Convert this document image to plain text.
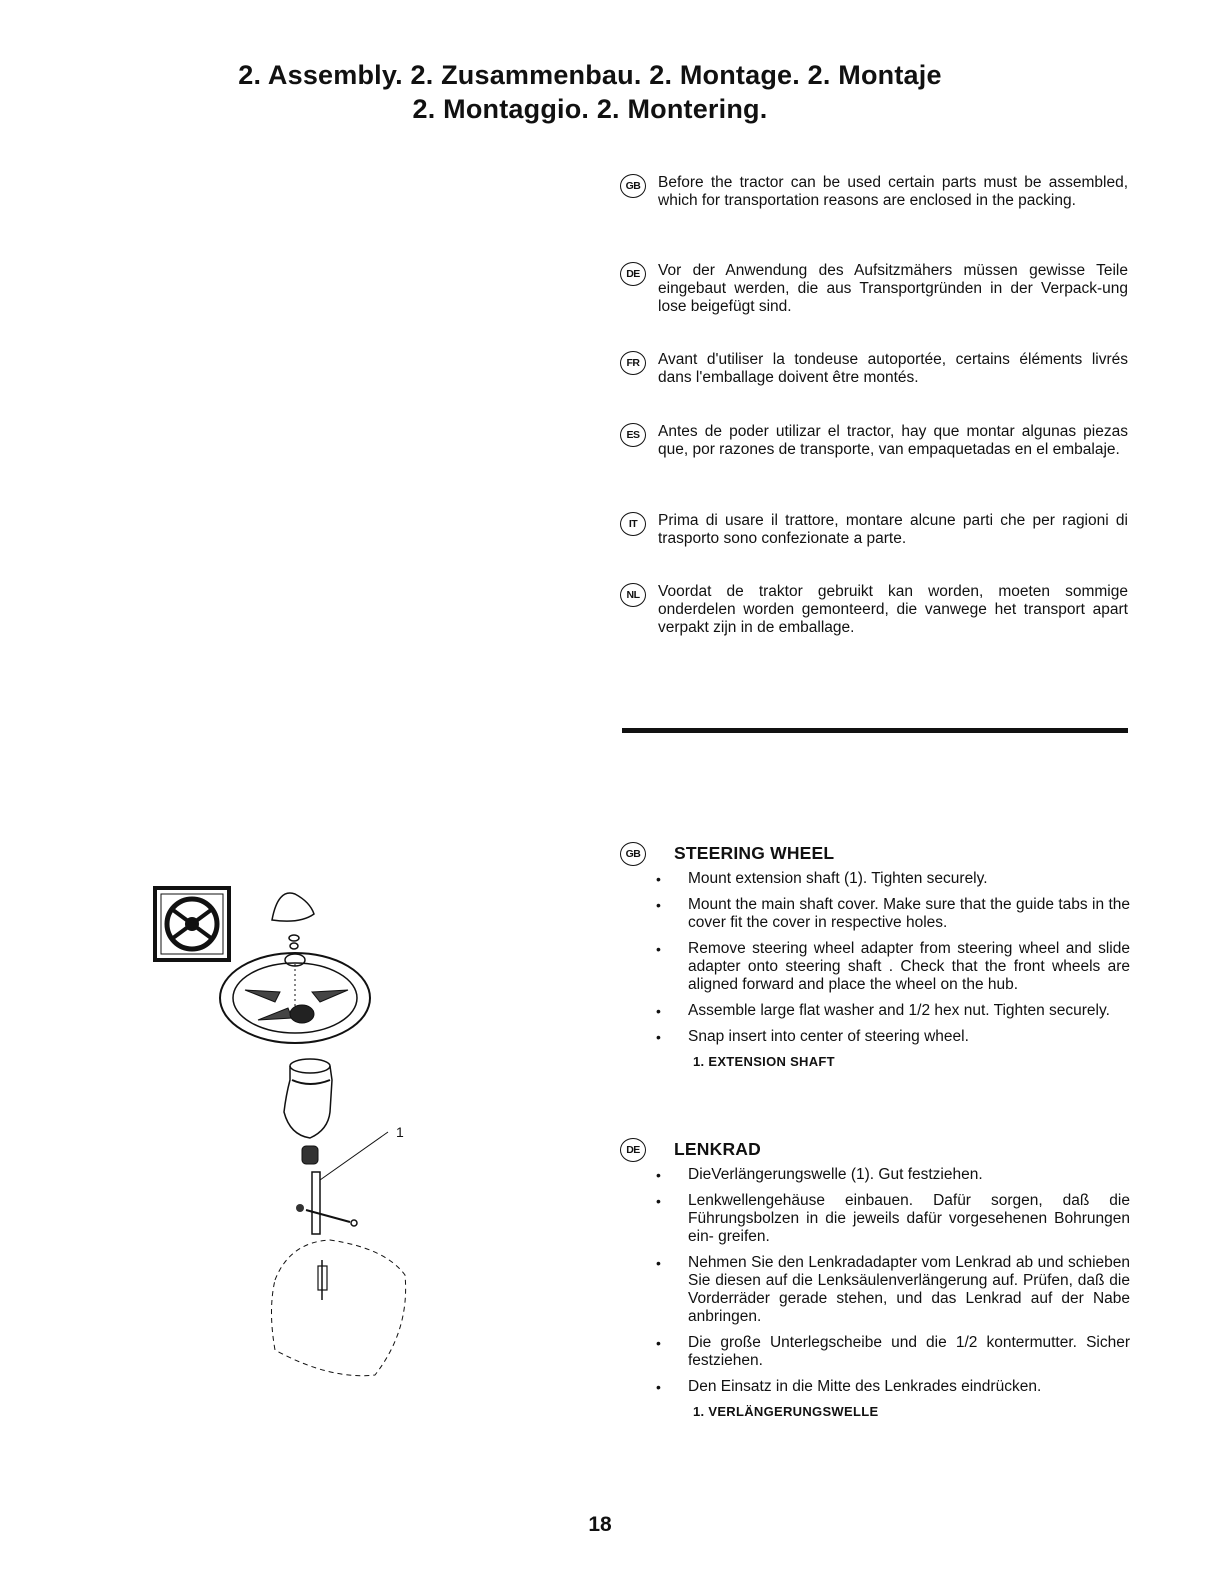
2. Assembly. 2. Zusammenbau. 2. Montage. 2. Montaje
2. Montaggio. 2. Montering.
GB	Before the tractor can be used certain parts must be assembled, which for transportation reasons are enclosed in the packing.
DE	Vor der Anwendung des Aufsitzmähers müssen gewisse Teile eingebaut werden, die aus Transportgründen in der Verpack-ung lose beigefügt sind.
FR	Avant d'utiliser la tondeuse autoportée, certains éléments livrés dans l'emballage doivent être montés.
ES	Antes de poder utilizar el tractor, hay que montar algunas piezas que, por razones de transporte, van empaquetadas en el embalaje.
IT	Prima di usare il trattore, montare alcune parti che per ragioni di trasporto sono confezionate a parte.
NL	Voordat de traktor gebruikt kan worden, moeten sommige onderdelen worden gemonteerd, die vanwege het transport apart verpakt zijn in de emballage.
1
GB	STEERING WHEEL
• Mount extension shaft (1). Tighten securely.
• Mount the main shaft cover. Make sure that the guide tabs in the cover fit the cover in respective holes.
• Remove steering wheel adapter from steering wheel and slide adapter onto steering shaft . Check that the front wheels are aligned forward and place the wheel on the hub.
• Assemble large flat washer and 1/2 hex nut. Tighten securely.
• Snap insert into center of steering wheel.
1. EXTENSION SHAFT
DE	LENKRAD
• DieVerlängerungswelle (1). Gut festziehen.
• Lenkwellengehäuse einbauen. Dafür sorgen, daß die Führungsbolzen in die jeweils dafür vorgesehenen Bohrungen ein- greifen.
• Nehmen Sie den Lenkradadapter vom Lenkrad ab und schieben Sie diesen auf die Lenksäulenverlängerung auf. Prüfen, daß die Vorderräder gerade stehen, und das Lenkrad auf der Nabe anbringen.
• Die große Unterlegscheibe und die 1/2 kontermutter. Sicher festziehen.
• Den Einsatz in die Mitte des Lenkrades eindrücken.
1. VERLÄNGERUNGSWELLE
18
